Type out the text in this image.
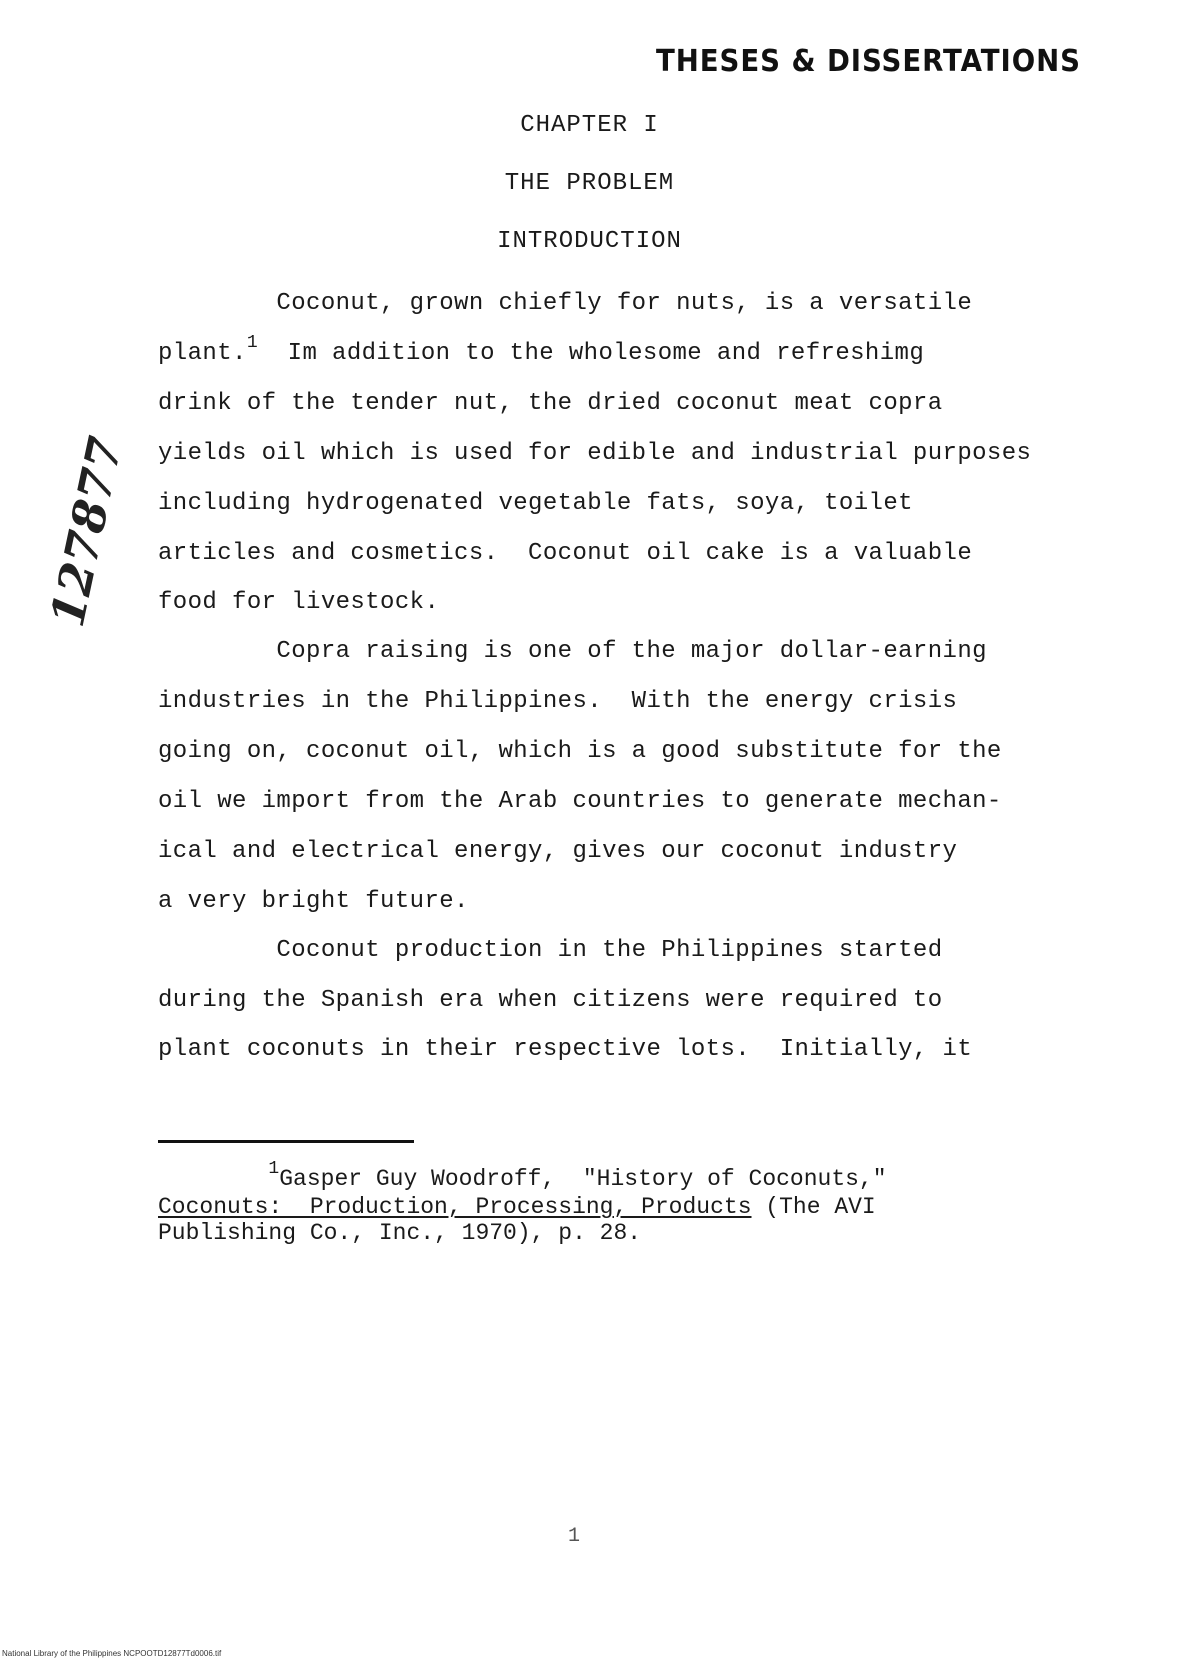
THESES & DISSERTATIONS
127877
CHAPTER I
THE PROBLEM
INTRODUCTION
Coconut, grown chiefly for nuts, is a versatile
plant.$^1$  Im addition to the wholesome and refreshimg
drink of the tender nut, the dried coconut meat copra
yields oil which is used for edible and industrial purposes
including hydrogenated vegetable fats, soya, toilet
articles and cosmetics.  Coconut oil cake is a valuable
food for livestock.
Copra raising is one of the major dollar-earning
industries in the Philippines.  With the energy crisis
going on, coconut oil, which is a good substitute for the
oil we import from the Arab countries to generate mechan-
ical and electrical energy, gives our coconut industry
a very bright future.
Coconut production in the Philippines started
during the Spanish era when citizens were required to
plant coconuts in their respective lots.  Initially, it
$^1$Gasper Guy Woodroff,  "History of Coconuts,"
Coconuts:  Production, Processing, Products (The AVI
Publishing Co., Inc., 1970), p. 28.
1
National Library of the Philippines NCPOOTD12877Td0006.tif
